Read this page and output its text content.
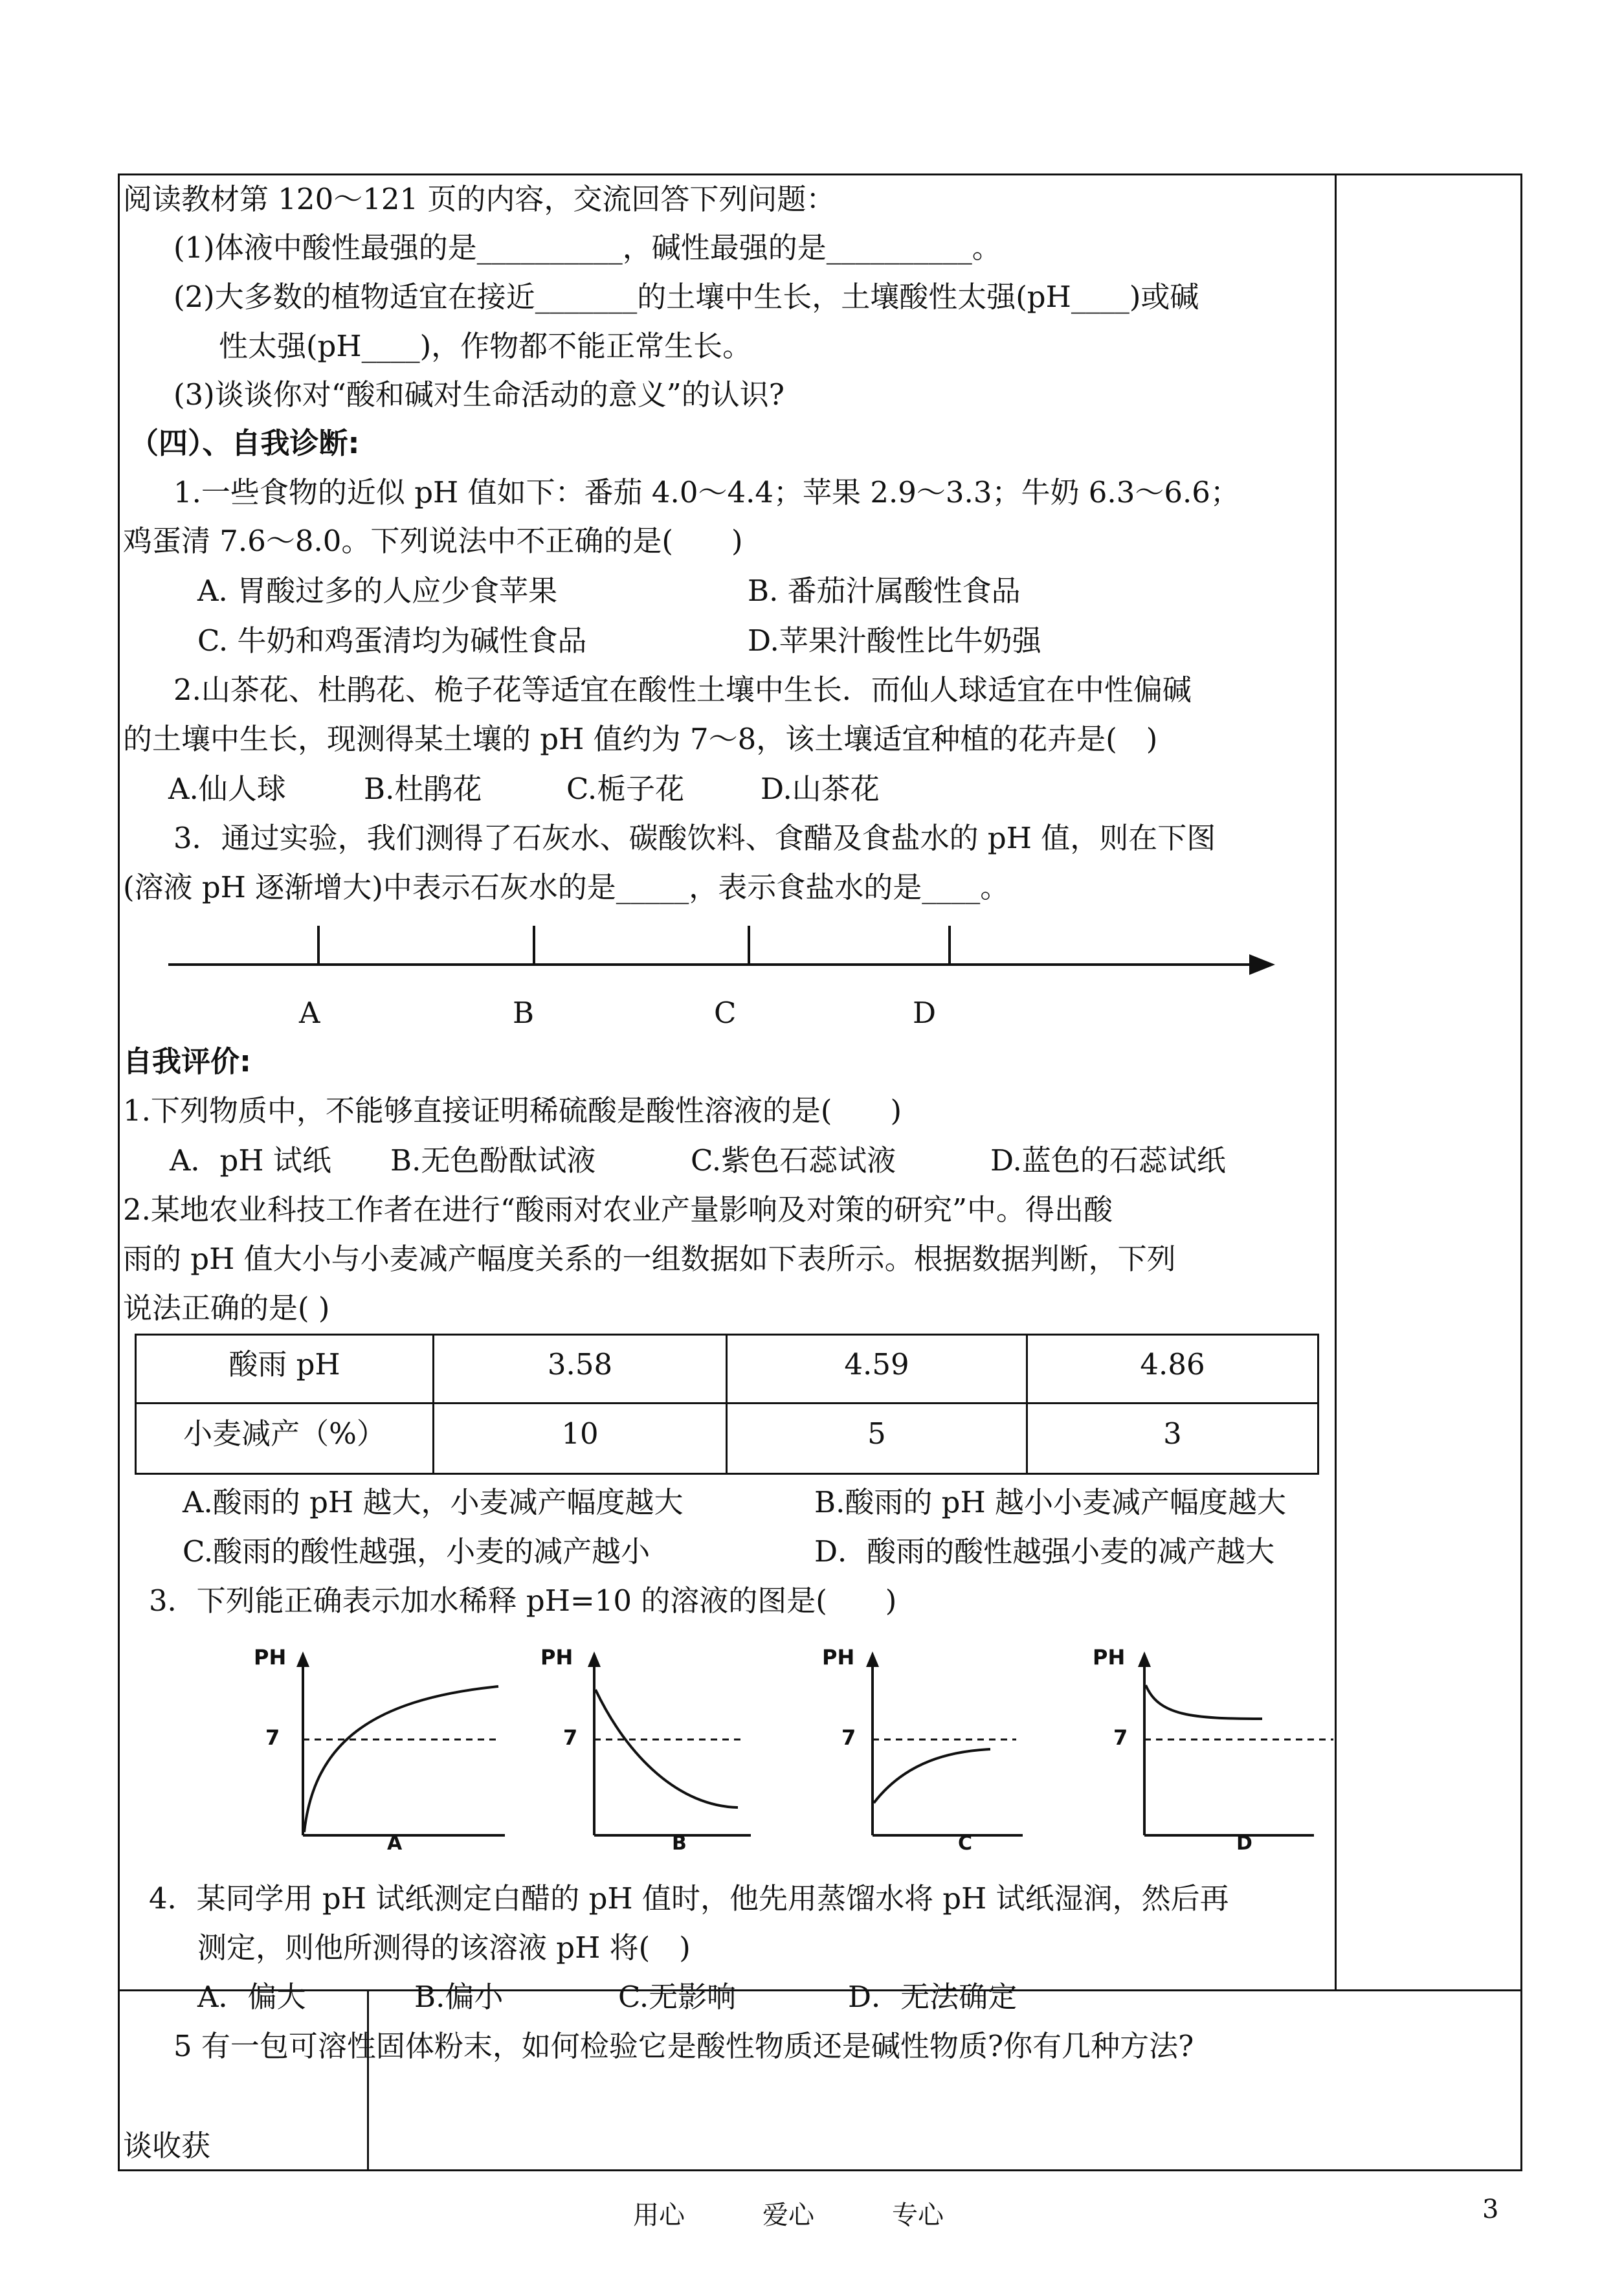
阅读教材第 120～121 页的内容，交流回答下列问题：
(1)体液中酸性最强的是__________，碱性最强的是__________。
(2)大多数的植物适宜在接近_______的土壤中生长，土壤酸性太强(pH____)或碱
性太强(pH____)，作物都不能正常生长。
(3)谈谈你对“酸和碱对生命活动的意义”的认识?
（四）、自我诊断:
1.一些食物的近似 pH 值如下：番茄 4.0～4.4；苹果 2.9～3.3；牛奶 6.3～6.6；
鸡蛋清 7.6～8.0。下列说法中不正确的是(　　)
A. 胃酸过多的人应少食苹果	B. 番茄汁属酸性食品
C. 牛奶和鸡蛋清均为碱性食品	D.苹果汁酸性比牛奶强
2.山茶花、杜鹃花、桅子花等适宜在酸性土壤中生长．而仙人球适宜在中性偏碱
的土壤中生长，现测得某土壤的 pH 值约为 7～8，该土壤适宜种植的花卉是(　)
A.仙人球	B.杜鹃花	C.栀子花	D.山茶花
3．通过实验，我们测得了石灰水、碳酸饮料、食醋及食盐水的 pH 值，则在下图
(溶液 pH 逐渐增大)中表示石灰水的是_____，表示食盐水的是____。
A	B	C	D
自我评价:
1.下列物质中，不能够直接证明稀硫酸是酸性溶液的是(　　)
A．pH 试纸 B.无色酚酞试液	C.紫色石蕊试液	D.蓝色的石蕊试纸
2.某地农业科技工作者在进行“酸雨对农业产量影响及对策的研究”中。得出酸
雨的 pH 值大小与小麦减产幅度关系的一组数据如下表所示。根据数据判断，下列
说法正确的是( )
酸雨 pH	3.58	4.59	4.86
小麦减产（%）	10	5	3
A.酸雨的 pH 越大，小麦减产幅度越大	B.酸雨的 pH 越小小麦减产幅度越大
C.酸雨的酸性越强，小麦的减产越小	D．酸雨的酸性越强小麦的减产越大
3．下列能正确表示加水稀释 pH=10 的溶液的图是(　　)
PH
7
PH
7
PH
7
PH
7
A	B	C	D
4．某同学用 pH 试纸测定白醋的 pH 值时，他先用蒸馏水将 pH 试纸湿润，然后再
测定，则他所测得的该溶液 pH 将(　)
谈收获
用心	爱心	专心	3
A．偏大	B.偏小	C.无影响	D．无法确定
5 有一包可溶性固体粉末，如何检验它是酸性物质还是碱性物质?你有几种方法?
